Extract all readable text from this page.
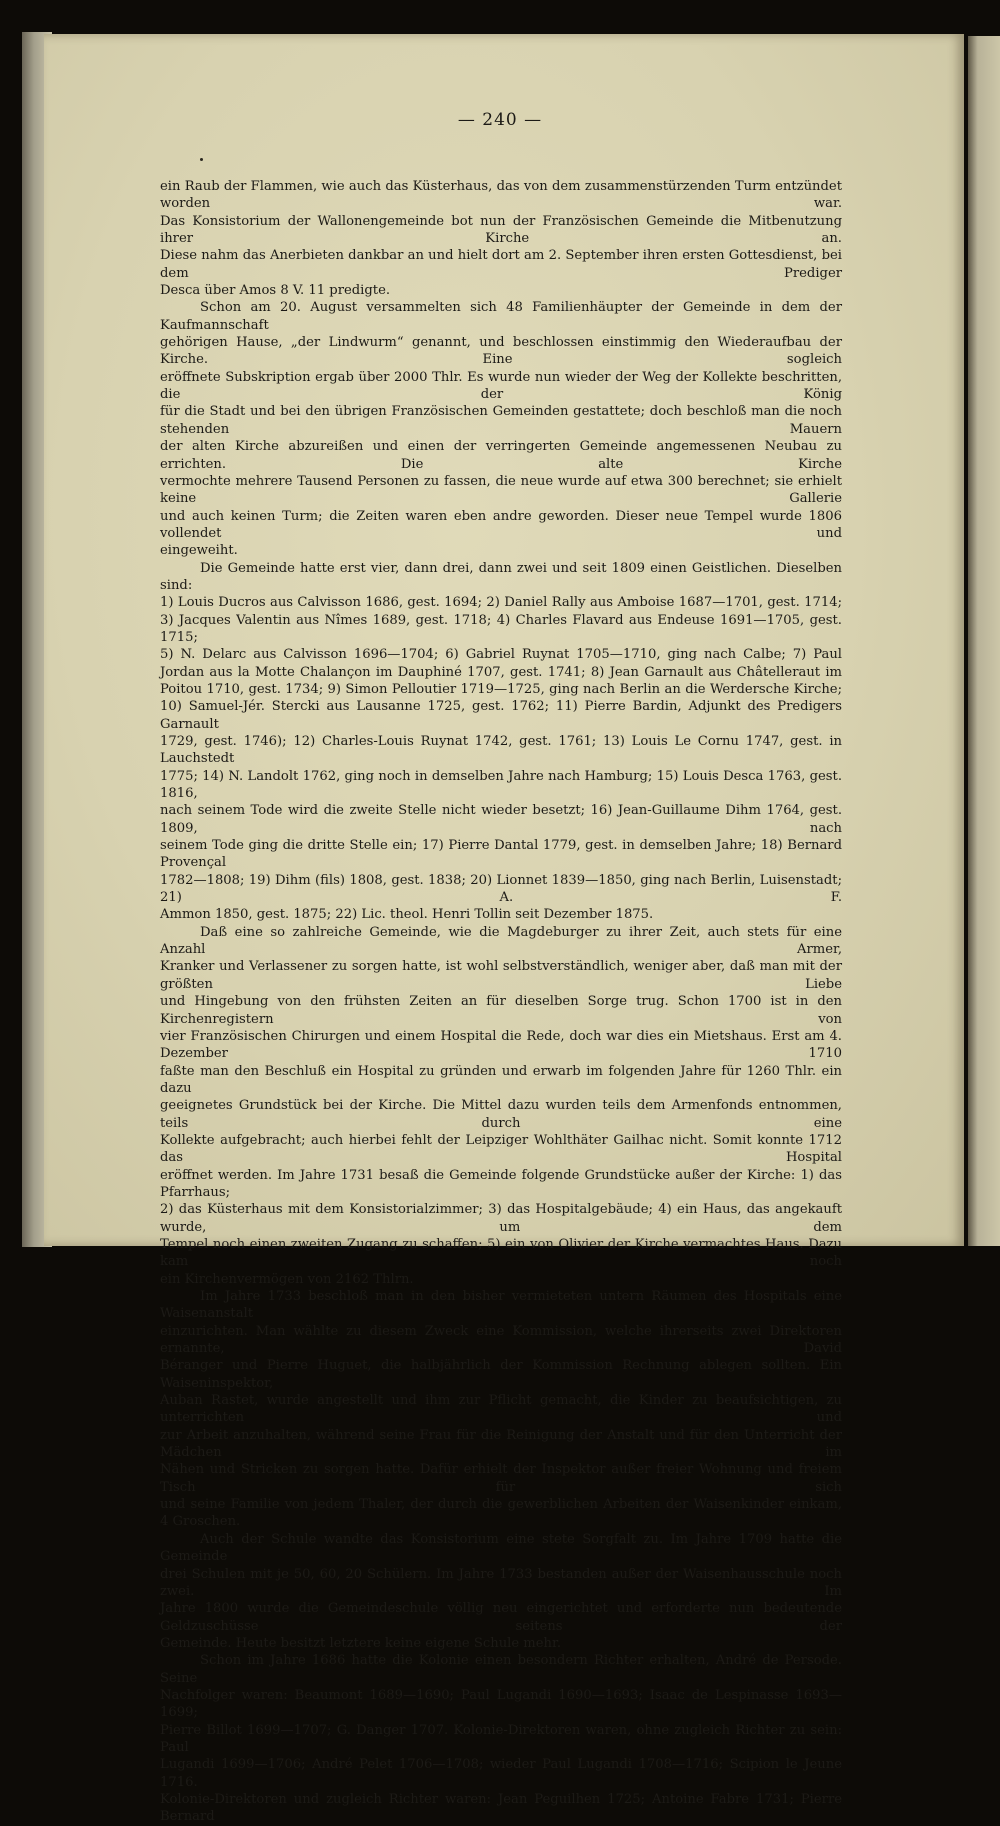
— 240 —

ein Raub der Flammen, wie auch das Küsterhaus, das von dem zusammenstürzenden Turm entzündet worden war.

Das Konsistorium der Wallonengemeinde bot nun der Französischen Gemeinde die Mitbenutzung ihrer Kirche an.

Diese nahm das Anerbieten dankbar an und hielt dort am 2. September ihren ersten Gottesdienst, bei dem Prediger

Desca über Amos 8 V. 11 predigte.

Schon am 20. August versammelten sich 48 Familienhäupter der Gemeinde in dem der Kaufmannschaft

gehörigen Hause, „der Lindwurm“ genannt, und beschlossen einstimmig den Wiederaufbau der Kirche. Eine sogleich

eröffnete Subskription ergab über 2000 Thlr. Es wurde nun wieder der Weg der Kollekte beschritten, die der König

für die Stadt und bei den übrigen Französischen Gemeinden gestattete; doch beschloß man die noch stehenden Mauern

der alten Kirche abzureißen und einen der verringerten Gemeinde angemessenen Neubau zu errichten. Die alte Kirche

vermochte mehrere Tausend Personen zu fassen, die neue wurde auf etwa 300 berechnet; sie erhielt keine Gallerie

und auch keinen Turm; die Zeiten waren eben andre geworden. Dieser neue Tempel wurde 1806 vollendet und

eingeweiht.

Die Gemeinde hatte erst vier, dann drei, dann zwei und seit 1809 einen Geistlichen. Dieselben sind:

1) Louis Ducros aus Calvisson 1686, gest. 1694; 2) Daniel Rally aus Amboise 1687—1701, gest. 1714;

3) Jacques Valentin aus Nîmes 1689, gest. 1718; 4) Charles Flavard aus Endeuse 1691—1705, gest. 1715;

5) N. Delarc aus Calvisson 1696—1704; 6) Gabriel Ruynat 1705—1710, ging nach Calbe; 7) Paul

Jordan aus la Motte Chalançon im Dauphiné 1707, gest. 1741; 8) Jean Garnault aus Châtelleraut im

Poitou 1710, gest. 1734; 9) Simon Pelloutier 1719—1725, ging nach Berlin an die Werdersche Kirche;

10) Samuel-Jér. Stercki aus Lausanne 1725, gest. 1762; 11) Pierre Bardin, Adjunkt des Predigers Garnault

1729, gest. 1746); 12) Charles-Louis Ruynat 1742, gest. 1761; 13) Louis Le Cornu 1747, gest. in Lauchstedt

1775; 14) N. Landolt 1762, ging noch in demselben Jahre nach Hamburg; 15) Louis Desca 1763, gest. 1816,

nach seinem Tode wird die zweite Stelle nicht wieder besetzt; 16) Jean-Guillaume Dihm 1764, gest. 1809, nach

seinem Tode ging die dritte Stelle ein; 17) Pierre Dantal 1779, gest. in demselben Jahre; 18) Bernard Provençal

1782—1808; 19) Dihm (fils) 1808, gest. 1838; 20) Lionnet 1839—1850, ging nach Berlin, Luisenstadt; 21) A. F.

Ammon 1850, gest. 1875; 22) Lic. theol. Henri Tollin seit Dezember 1875.

Daß eine so zahlreiche Gemeinde, wie die Magdeburger zu ihrer Zeit, auch stets für eine Anzahl Armer,

Kranker und Verlassener zu sorgen hatte, ist wohl selbstverständlich, weniger aber, daß man mit der größten Liebe

und Hingebung von den frühsten Zeiten an für dieselben Sorge trug. Schon 1700 ist in den Kirchenregistern von

vier Französischen Chirurgen und einem Hospital die Rede, doch war dies ein Mietshaus. Erst am 4. Dezember 1710

faßte man den Beschluß ein Hospital zu gründen und erwarb im folgenden Jahre für 1260 Thlr. ein dazu

geeignetes Grundstück bei der Kirche. Die Mittel dazu wurden teils dem Armenfonds entnommen, teils durch eine

Kollekte aufgebracht; auch hierbei fehlt der Leipziger Wohlthäter Gailhac nicht. Somit konnte 1712 das Hospital

eröffnet werden. Im Jahre 1731 besaß die Gemeinde folgende Grundstücke außer der Kirche: 1) das Pfarrhaus;

2) das Küsterhaus mit dem Konsistorialzimmer; 3) das Hospitalgebäude; 4) ein Haus, das angekauft wurde, um dem

Tempel noch einen zweiten Zugang zu schaffen; 5) ein von Olivier der Kirche vermachtes Haus. Dazu kam noch

ein Kirchenvermögen von 2162 Thlrn.

Im Jahre 1733 beschloß man in den bisher vermieteten untern Räumen des Hospitals eine Waisenanstalt

einzurichten. Man wählte zu diesem Zweck eine Kommission, welche ihrerseits zwei Direktoren ernannte, David

Béranger und Pierre Huguet, die halbjährlich der Kommission Rechnung ablegen sollten. Ein Waiseninspektor,

Auban Rastet, wurde angestellt und ihm zur Pflicht gemacht, die Kinder zu beaufsichtigen, zu unterrichten und

zur Arbeit anzuhalten, während seine Frau für die Reinigung der Anstalt und für den Unterricht der Mädchen im

Nähen und Stricken zu sorgen hatte. Dafür erhielt der Inspektor außer freier Wohnung und freiem Tisch für sich

und seine Familie von jedem Thaler, der durch die gewerblichen Arbeiten der Waisenkinder einkam, 4 Groschen.

Auch der Schule wandte das Konsistorium eine stete Sorgfalt zu. Im Jahre 1709 hatte die Gemeinde

drei Schulen mit je 50, 60, 20 Schülern. Im Jahre 1733 bestanden außer der Waisenhausschule noch zwei. Im

Jahre 1800 wurde die Gemeindeschule völlig neu eingerichtet und erforderte nun bedeutende Geldzuschüsse seitens der

Gemeinde. Heute besitzt letztere keine eigene Schule mehr.

Schon im Jahre 1686 hatte die Kolonie einen besondern Richter erhalten, André de Persode. Seine

Nachfolger waren: Beaumont 1689—1690; Paul Lugandi 1690—1693; Isaac de Lespinasse 1693—1699;

Pierre Billot 1699—1707; G. Danger 1707. Kolonie-Direktoren waren, ohne zugleich Richter zu sein: Paul

Lugandi 1699—1706; André Pelet 1706—1708; wieder Paul Lugandi 1708—1716; Scipion le Jeune 1716.

Kolonie-Direktoren und zugleich Richter waren: Jean Peguilhen 1725; Antoine Fabre 1731; Pierre Bernard
